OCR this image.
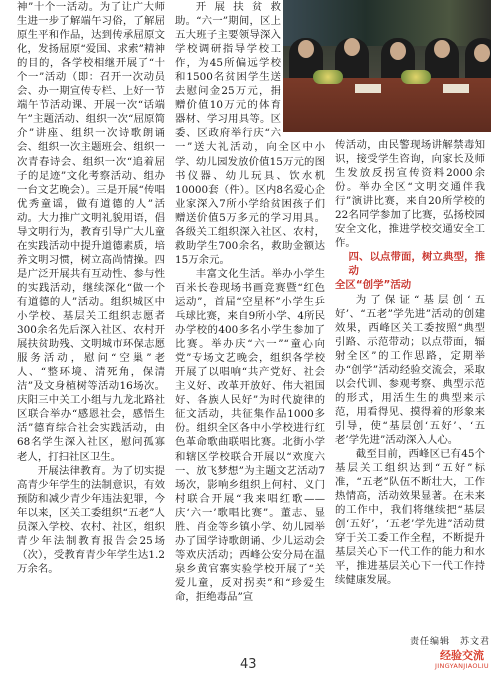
神”十个一活动。为了让广大师生进一步了解端午习俗，了解屈原生平和作品，达到传承屈原文化，发扬屈原“爱国、求索”精神的目的，各学校相继开展了“十个一”活动（即：召开一次动员会、办一期宣传专栏、上好一节端午节活动课、开展一次“话端午”主题活动、组织一次“屈原简介”讲座、组织一次诗歌朗诵会、组织一次主题班会、组织一次青春诗会、组织一次“追着屈子的足迹”文化考察活动、组办一台文艺晚会）。三是开展“传唱优秀童谣，做有道德的人”活动。大力推广文明礼貌用语，倡导文明行为，教育引导广大儿童在实践活动中提升道德素质，培养文明习惯，树立高尚情操。四是广泛开展共有互动性、参与性的实践活动，继续深化“做一个有道德的人”活动。组织城区中小学校、基层关工组织志愿者300余名先后深入社区、农村开展扶贫助残、文明城市环保志愿服务活动，慰问“空巢”老人、“整环境、清死角，保清洁”及文身植树等活动16场次。庆阳三中关工小组与九龙北路社区联合举办“感恩社会，感悟生活”德育综合社会实践活动，由68名学生深入社区，慰问孤寡老人，打扫社区卫生。

开展法律教育。为了切实提高青少年学生的法制意识，有效预防和减少青少年违法犯罪，今年以来，区关工委组织“五老”人员深入学校、农村、社区，组织青少年法制教育报告会25场（次），受教育青少年学生达1.2万余名。

开展扶贫救助。“六一”期间，区上五大班子主要领导深入学校调研指导学校工作，为45所偏远学校和1500名贫困学生送去慰问金25万元，捐赠价值10万元的体育器材、学习用具等。区委、区政府举行庆“六一”送大礼活动，向全区中小学、幼儿园发放价值15万元的图书仪器、幼儿玩具、饮水机10000套（件）。区内8名爱心企业家深入7所小学给贫困孩子们赠送价值5万多元的学习用具。各级关工组织深入社区、农村，救助学生700余名，救助金额达15万余元。

丰富文化生活。举办小学生百米长卷现场书画竞赛暨“红色运动”，首届“空星杯”小学生乒乓球比赛，来自9所小学、4所民办学校的400多名小学生参加了比赛。举办庆“六一”“童心向党”专场文艺晚会，组织各学校开展了以唱响“共产党好、社会主义好、改革开放好、伟大祖国好、各族人民好”为时代旋律的征文活动，共征集作品1000多份。组织全区各中小学校进行红色革命歌曲联唱比赛。北街小学和辖区学校联合开展以“欢度六一、放飞梦想”为主题文艺活动7场次，影响乡组织上何村、义门村联合开展“我来唱红歌——庆‘六一’歌唱比赛”。董志、显胜、肖金等乡镇小学、幼儿园举办了国学诗歌朗诵、少儿运动会等欢庆活动；西峰公安分局在温泉乡黄官寨实验学校开展了“关爱儿童，反对拐卖”和“珍爱生命，拒绝毒品”宣

传活动，由民警现场讲解禁毒知识，接受学生咨询，向家长及师生发放反拐宣传资料2000余份。举办全区“文明交通伴我行”演讲比赛，来自20所学校的22名同学参加了比赛，弘扬校园安全文化，推进学校交通安全工作。

四、以点带面，树立典型，推动
全区“创学”活动

为了保证“基层创‘五好’、“五老”学先进”活动的创建效果，西峰区关工委按照“典型引路、示范带动；以点带面，辐射全区”的工作思路，定期举办“创学”活动经验交流会，采取以会代训、参观考察、典型示范的形式，用活生生的典型来示范，用看得见、摸得着的形象来引导，使“基层创‘五好’、‘五老’学先进”活动深入人心。

截至目前，西峰区已有45个基层关工组织达到“五好”标准，“五老”队伍不断壮大，工作热情高，活动效果显著。在未来的工作中，我们将继续把“基层创‘五好’，‘五老’学先进”活动贯穿于关工委工作全程，不断提升基层关心下一代工作的能力和水平，推进基层关心下一代工作持续健康发展。

责任编辑　苏文君
43
经验交流
JINGYANJIAOLIU
